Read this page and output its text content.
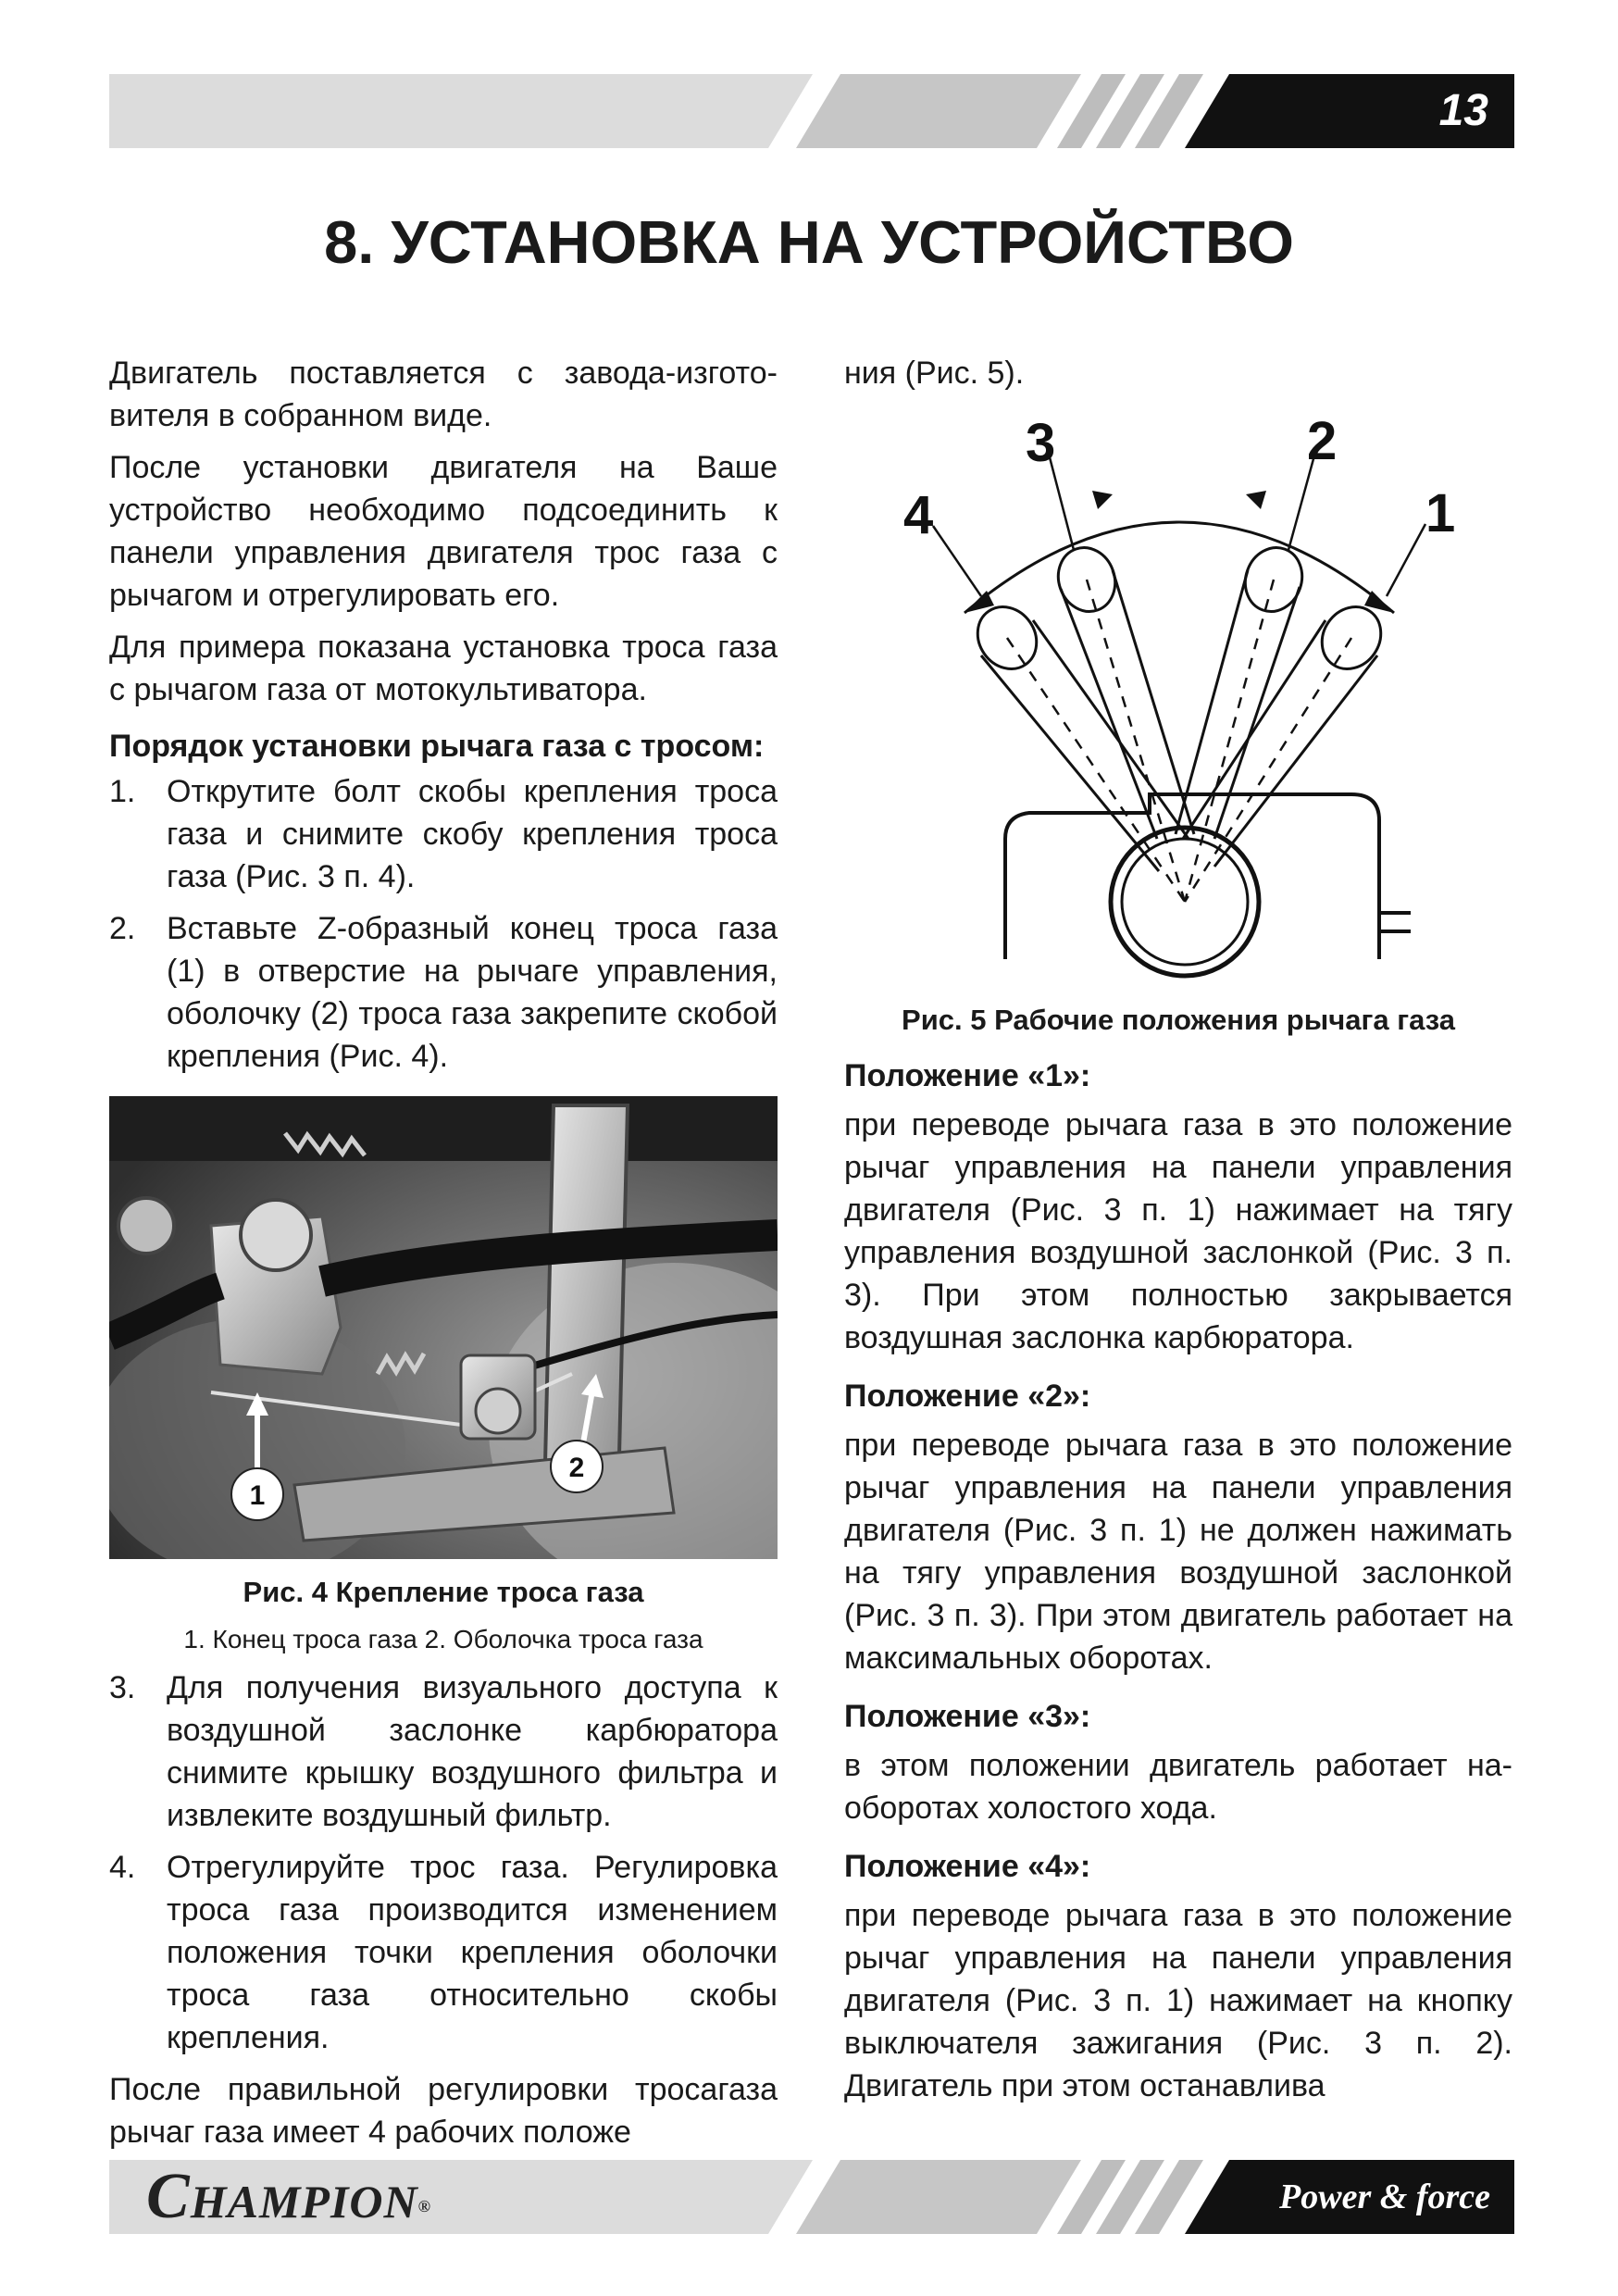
13
8. УСТАНОВКА НА УСТРОЙСТВО

Двигатель поставляется с завода-изготовителя в собранном виде.

После установки двигателя на Ваше устройство необходимо подсоединить к панели управления двигателя трос газа с рычагом и отрегулировать его.

Для примера показана установка троса газа с рычагом газа от мотокультиватора.

Порядок установки рычага газа с тросом:
1. Открутите болт скобы крепления троса газа и снимите скобу крепления троса газа (Рис. 3 п. 4).
2. Вставьте Z-образный конец троса газа (1) в отверстие на рычаге управления, оболочку (2) троса газа закрепите скобой крепления (Рис. 4).
1
2
Рис. 4 Крепление троса газа
1. Конец троса газа 2. Оболочка троса газа
3. Для получения визуального доступа к воздушной заслонке карбюратора снимите крышку воздушного фильтра и извлеките воздушный фильтр.
4. Отрегулируйте трос газа. Регулировка троса газа производится изменением положения точки крепления оболочки троса газа относительно скобы крепления.

После правильной регулировки тросагаза рычаг газа имеет 4 рабочих положе

ния (Рис. 5).

4
3	2
1
Рис. 5 Рабочие положения рычага газа
Положение «1»:

при переводе рычага газа в это положение рычаг управления на панели управления двигателя (Рис. 3 п. 1) нажимает на тягу управления воздушной заслонкой (Рис. 3 п. 3). При этом полностью закрывается воздушная заслонка карбюратора.

Положение «2»:

при переводе рычага газа в это положение рычаг управления на панели управления двигателя (Рис. 3 п. 1) не должен нажимать на тягу управления воздушной заслонкой (Рис. 3 п. 3). При этом двигатель работает на максимальных оборотах.

Положение «3»:

в этом положении двигатель работает наоборотах холостого хода.

Положение «4»:

при переводе рычага газа в это положение рычаг управления на панели управления двигателя (Рис. 3 п. 1) нажимает на кнопку выключателя зажигания (Рис. 3 п. 2). Двигатель при этом останавлива

CHAMPION®	Power & force
